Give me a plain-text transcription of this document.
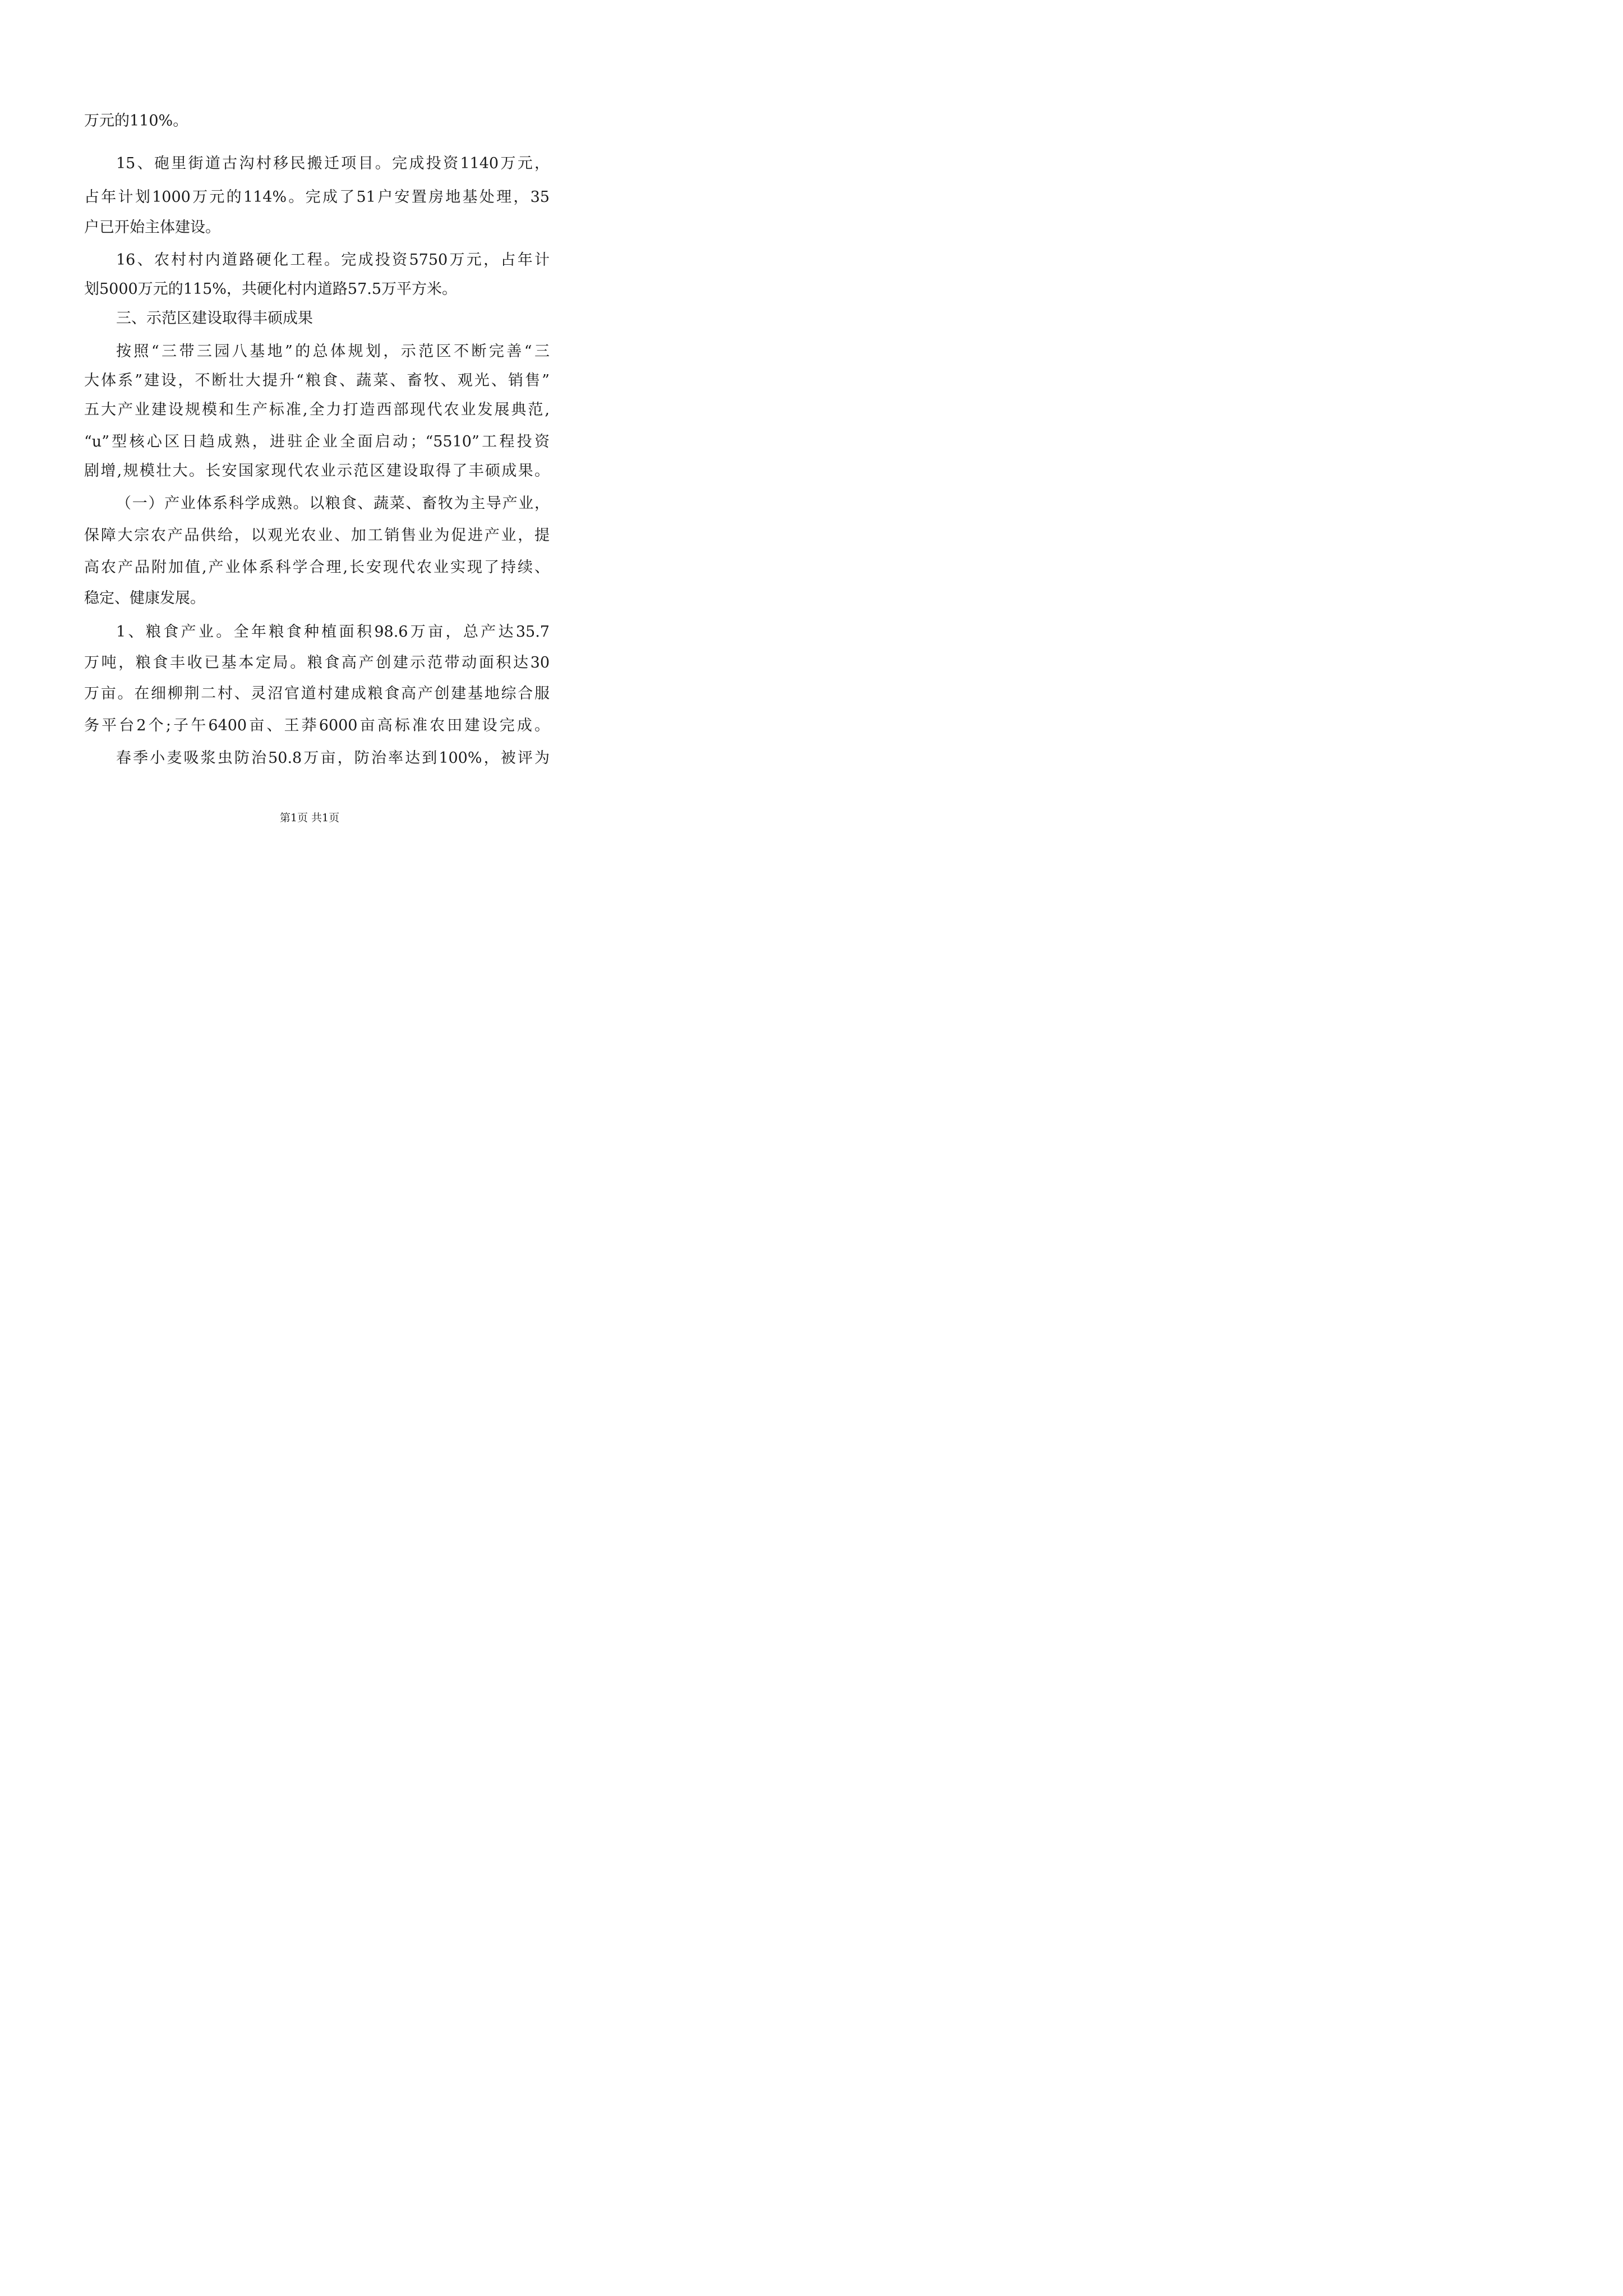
万元的110%。
15、砲里街道古沟村移民搬迁项目。完成投资1140万元，
占年计划1000万元的114%。完成了51户安置房地基处理，35
户已开始主体建设。
16、农村村内道路硬化工程。完成投资5750万元，占年计
划5000万元的115%，共硬化村内道路57.5万平方米。
三、示范区建设取得丰硕成果
按照“三带三园八基地”的总体规划，示范区不断完善“三
大体系”建设，不断壮大提升“粮食、蔬菜、畜牧、观光、销售”
五大产业建设规模和生产标准,全力打造西部现代农业发展典范,
“u”型核心区日趋成熟，进驻企业全面启动；“5510”工程投资
剧增,规模壮大。长安国家现代农业示范区建设取得了丰硕成果。
（一）产业体系科学成熟。以粮食、蔬菜、畜牧为主导产业，
保障大宗农产品供给，以观光农业、加工销售业为促进产业，提
高农产品附加值,产业体系科学合理,长安现代农业实现了持续、
稳定、健康发展。
1、粮食产业。全年粮食种植面积98.6万亩，总产达35.7
万吨，粮食丰收已基本定局。粮食高产创建示范带动面积达30
万亩。在细柳荆二村、灵沼官道村建成粮食高产创建基地综合服
务平台2个;子午6400亩、王莽6000亩高标准农田建设完成。
春季小麦吸浆虫防治50.8万亩，防治率达到100%，被评为
第1页 共1页
